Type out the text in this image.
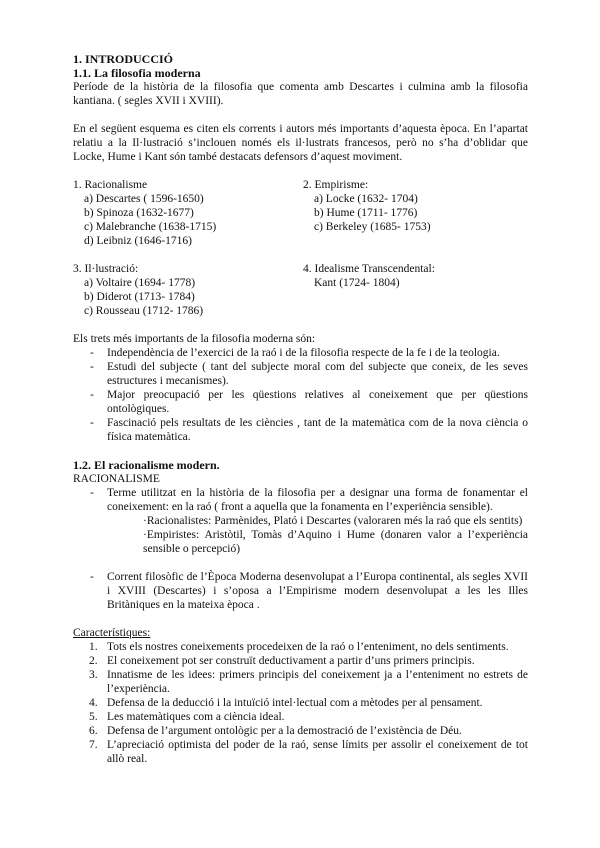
1. INTRODUCCIÓ

1.1. La filosofia moderna

Període de la història de la filosofia que comenta amb Descartes i culmina amb la filosofia kantiana. ( segles XVII i XVIII).

En el següent esquema es citen els corrents i autors més importants d’aquesta època. En l’apartat relatiu a la Il·lustració s’inclouen només els il·lustrats francesos, però no s’ha d’oblidar que Locke, Hume i Kant són també destacats defensors d’aquest moviment.

1. Racionalisme
a) Descartes ( 1596-1650)
b) Spinoza (1632-1677)
c) Malebranche (1638-1715)
d) Leibniz (1646-1716)
2. Empirisme:
a) Locke (1632- 1704)
b) Hume (1711- 1776)
c) Berkeley (1685- 1753)
3. Il·lustració:
a) Voltaire (1694- 1778)
b) Diderot (1713- 1784)
c) Rousseau (1712- 1786)
4. Idealisme Transcendental:
Kant (1724- 1804)

Els trets més importants de la filosofia moderna són:

- Independència de l’exercici de la raó i de la filosofia respecte de la fe i de la teologia.
- Estudi del subjecte ( tant del subjecte moral com del subjecte que coneix, de les seves estructures i mecanismes).
- Major preocupació per les qüestions relatives al coneixement que per qüestions ontològiques.
- Fascinació pels resultats de les ciències , tant de la matemàtica com de la nova ciència o física matemàtica.

1.2. El racionalisme modern.

RACIONALISME

- Terme utilitzat en la història de la filosofia per a designar una forma de fonamentar el coneixement: en la raó ( front a aquella que la fonamenta en l’experiència sensible).
·Racionalistes: Parmènides, Plató i Descartes (valoraren més la raó que els sentits)
·Empiristes: Aristòtil, Tomàs d’Aquino i Hume (donaren valor a l’experiència sensible o percepció)
- Corrent filosòfic de l’Època Moderna desenvolupat a l’Europa continental, als segles XVII i XVIII (Descartes) i s’oposa a l’Empirisme modern desenvolupat a les les Illes Britàniques en la mateixa època .

Característiques:

1. Tots els nostres coneixements procedeixen de la raó o l’enteniment, no dels sentiments.
2. El coneixement pot ser construït deductivament a partir d’uns primers principis.
3. Innatisme de les idees: primers principis del coneixement ja a l’enteniment no estrets de l’experiència.
4. Defensa de la deducció i la intuïció intel·lectual com a mètodes per al pensament.
5. Les matemàtiques com a ciència ideal.
6. Defensa de l’argument ontològic per a la demostració de l’existència de Déu.
7. L’apreciació optimista del poder de la raó, sense límits per assolir el coneixement de tot allò real.
